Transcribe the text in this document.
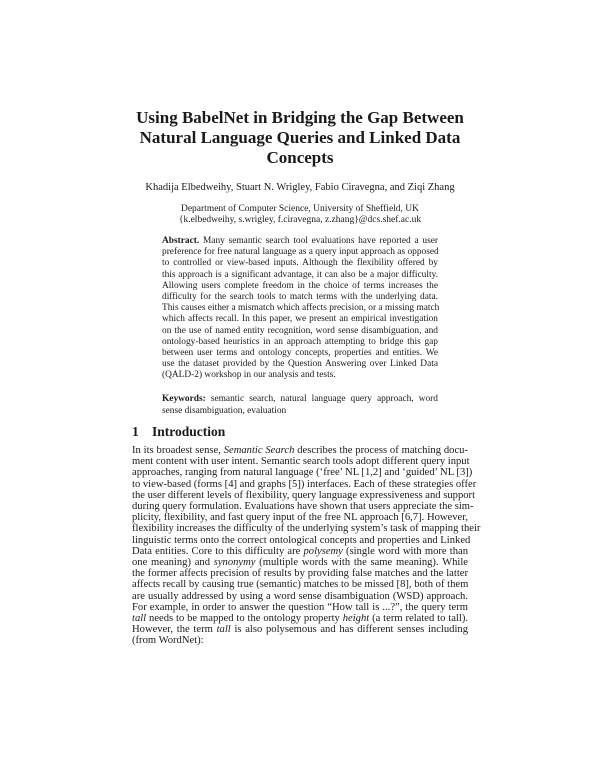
Using BabelNet in Bridging the Gap Between
Natural Language Queries and Linked Data
Concepts
Khadija Elbedweihy, Stuart N. Wrigley, Fabio Ciravegna, and Ziqi Zhang
Department of Computer Science, University of Sheffield, UK
{k.elbedweihy, s.wrigley, f.ciravegna, z.zhang}@dcs.shef.ac.uk
Abstract. Many semantic search tool evaluations have reported a user
preference for free natural language as a query input approach as opposed
to controlled or view-based inputs. Although the flexibility offered by
this approach is a significant advantage, it can also be a major difficulty.
Allowing users complete freedom in the choice of terms increases the
difficulty for the search tools to match terms with the underlying data.
This causes either a mismatch which affects precision, or a missing match
which affects recall. In this paper, we present an empirical investigation
on the use of named entity recognition, word sense disambiguation, and
ontology-based heuristics in an approach attempting to bridge this gap
between user terms and ontology concepts, properties and entities. We
use the dataset provided by the Question Answering over Linked Data
(QALD-2) workshop in our analysis and tests.
Keywords: semantic search, natural language query approach, word
sense disambiguation, evaluation
1 Introduction
In its broadest sense, Semantic Search describes the process of matching docu-
ment content with user intent. Semantic search tools adopt different query input
approaches, ranging from natural language (‘free’ NL [1,2] and ‘guided’ NL [3])
to view-based (forms [4] and graphs [5]) interfaces. Each of these strategies offer
the user different levels of flexibility, query language expressiveness and support
during query formulation. Evaluations have shown that users appreciate the sim-
plicity, flexibility, and fast query input of the free NL approach [6,7]. However,
flexibility increases the difficulty of the underlying system’s task of mapping their
linguistic terms onto the correct ontological concepts and properties and Linked
Data entities. Core to this difficulty are polysemy (single word with more than
one meaning) and synonymy (multiple words with the same meaning). While
the former affects precision of results by providing false matches and the latter
affects recall by causing true (semantic) matches to be missed [8], both of them
are usually addressed by using a word sense disambiguation (WSD) approach.
For example, in order to answer the question “How tall is ...?”, the query term
tall needs to be mapped to the ontology property height (a term related to tall).
However, the term tall is also polysemous and has different senses including
(from WordNet):
